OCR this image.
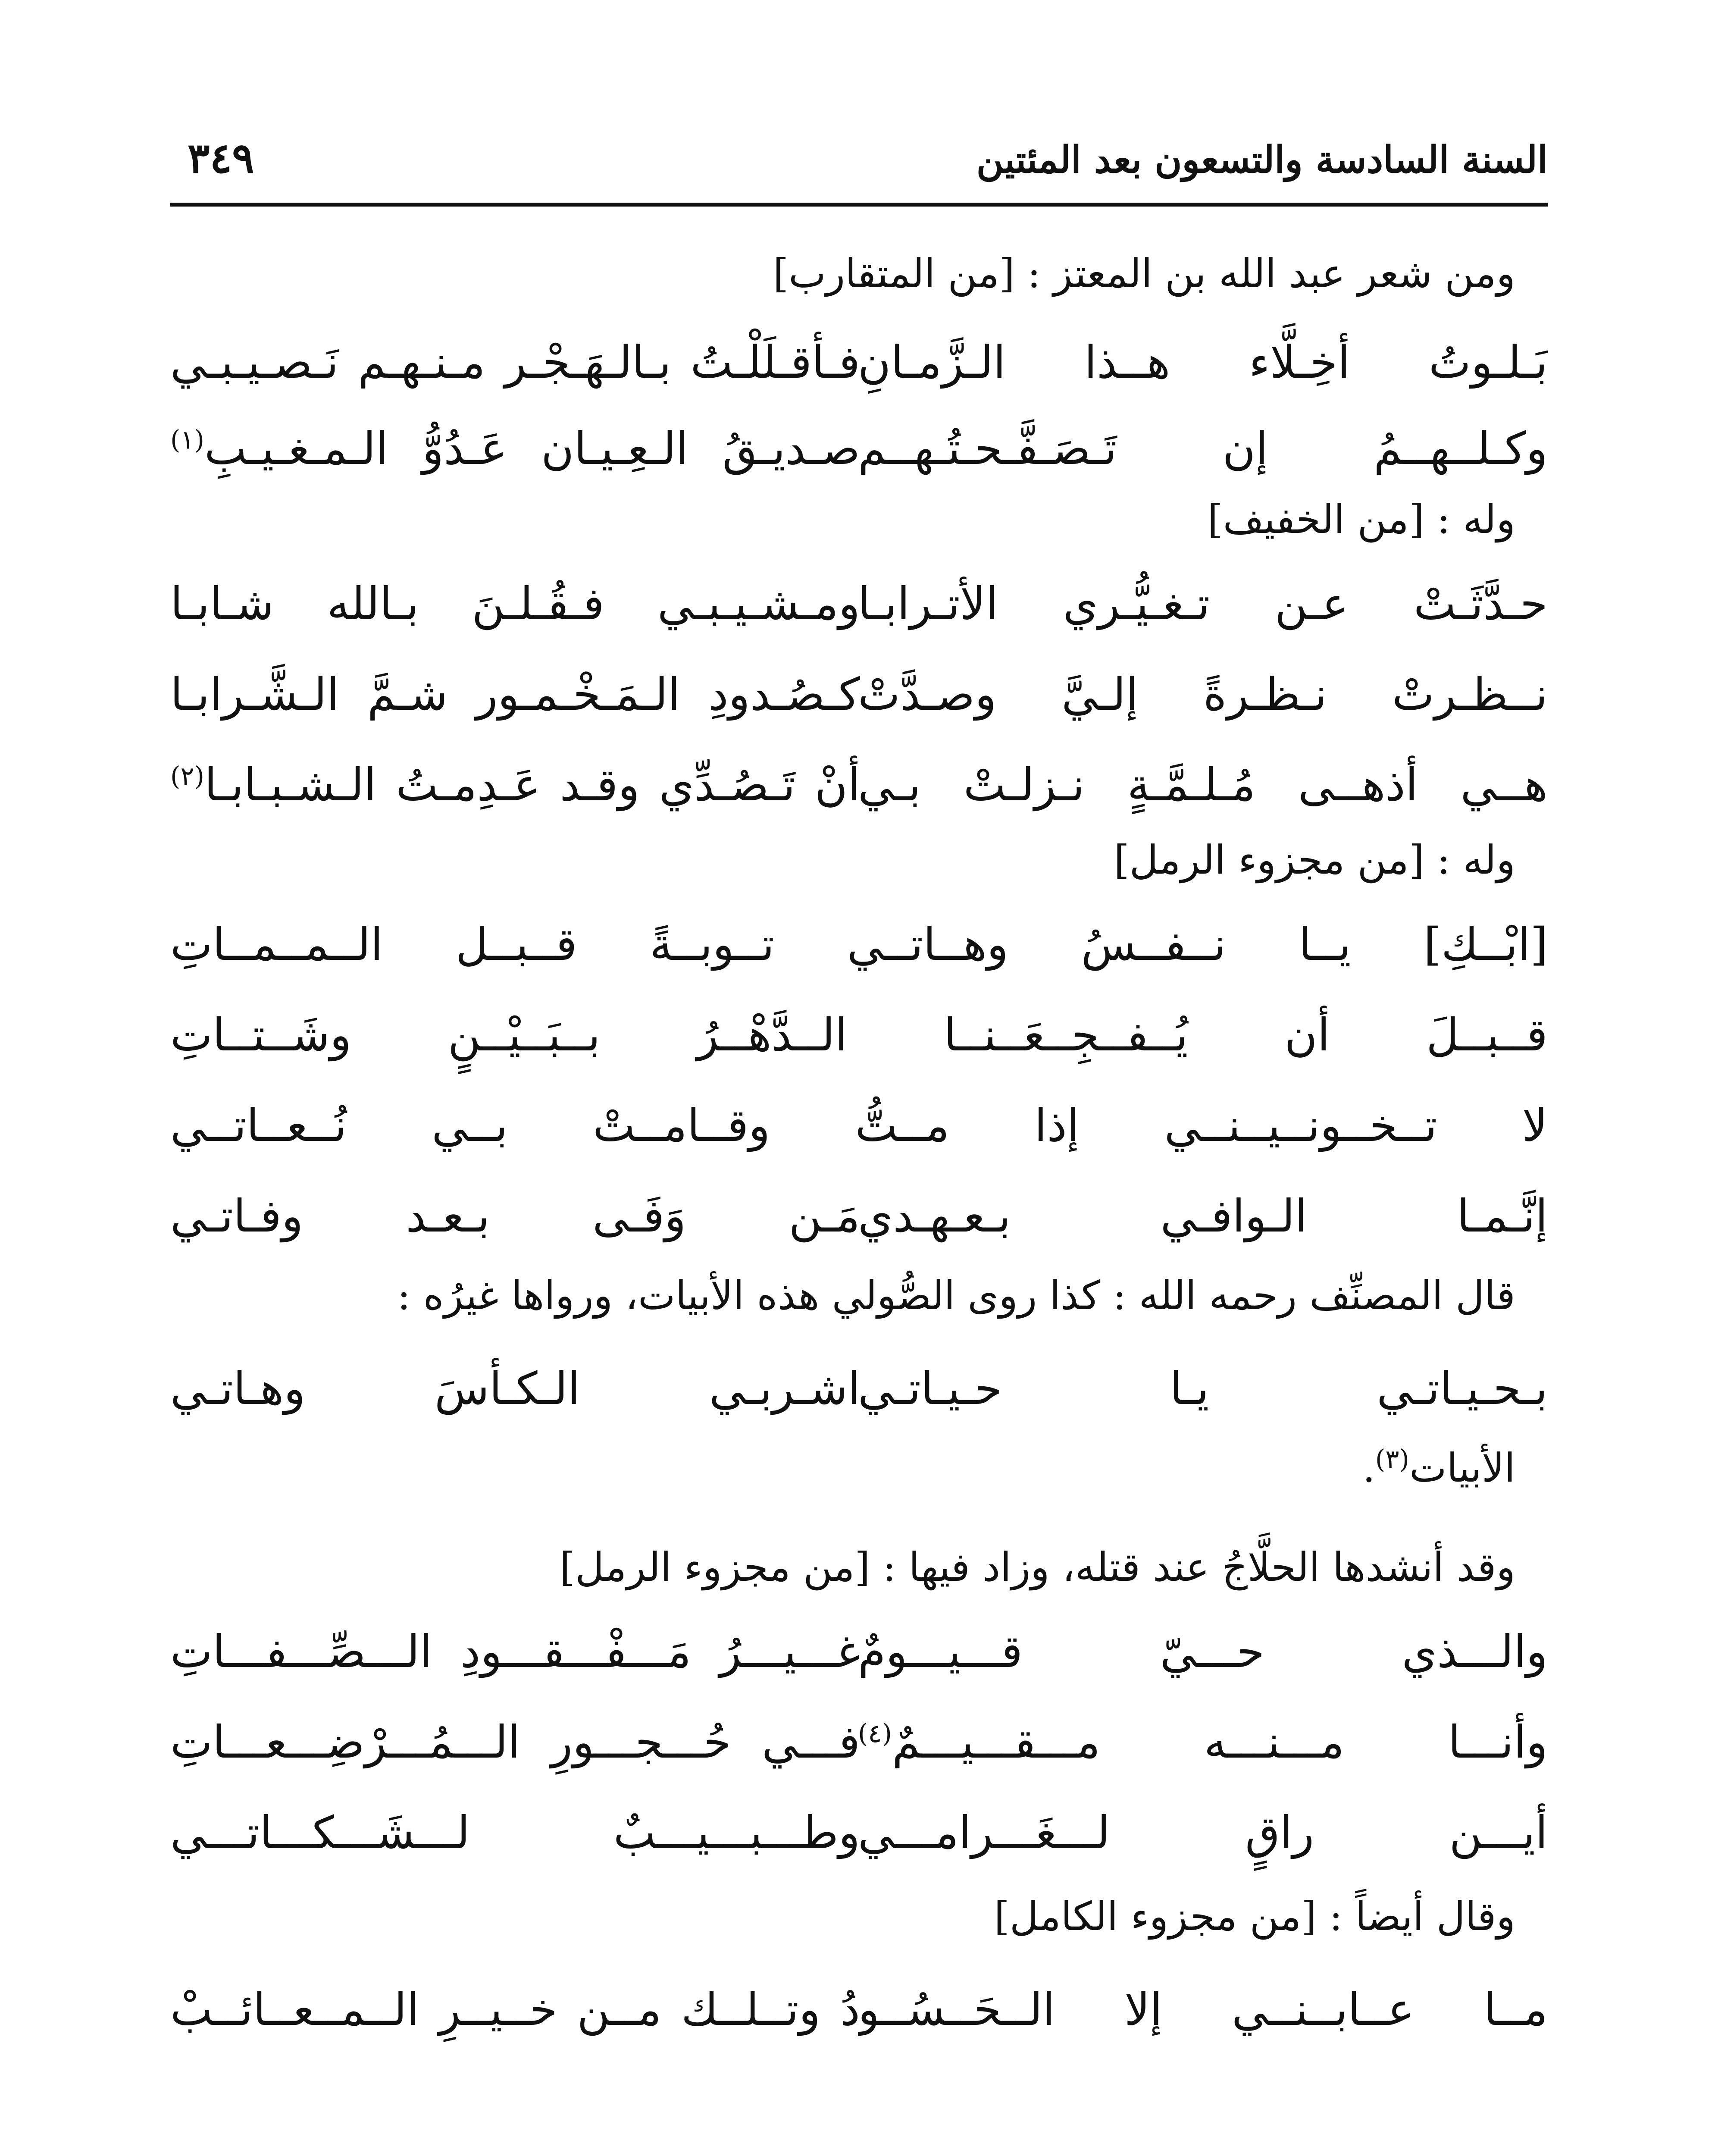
السنة السادسة والتسعون بعد المئتين
٣٤٩
ومن شعر عبد الله بن المعتز : [من المتقارب]
بَـلـوتُ أخِـلَّاء هــذا الـزَّمـانِ
فـأقـلَلْـتُ بـالـهَـجْـر مـنـهـم نَـصـيـبـي
وكـلــهــمُ إن تَـصَـفَّـحـتُـهــم
صـديـقُ الـعِـيـان عَـدُوُّ الـمـغـيـبِ$^{(١)}$
وله : [من الخفيف]
حـدَّثَـتْ عـن تـغـيُّـري الأتـرابـا
ومـشـيـبـي فـقُـلـنَ بـالله شـابـا
نــظـرتْ نـظـرةً إلـيَّ وصـدَّتْ
كـصُـدودِ الـمَـخْـمـور شـمَّ الـشَّـرابـا
هــي أذهــى مُـلـمَّـةٍ نـزلـتْ بـي
أنْ تَـصُـدِّي وقـد عَـدِمـتُ الـشـبـابـا$^{(٢)}$
وله : [من مجزوء الرمل]
[ابْــكِ] يــا نــفــسُ وهــاتــي تــوبــةً قــبــل الــمــمــاتِ
قــبــلَ أن يُــفــجِــعَــنــا الــدَّهْــرُ بــبَــيْــنٍ وشَــتــاتِ
لا تــخــونــيــنــي إذا مــتُّ وقــامــتْ بــي نُــعــاتــي
إنَّـمـا الـوافـي بـعـهـدي
مَـن وَفَـى بـعـد وفـاتـي
قال المصنِّف رحمه الله : كذا روى الصُّولي هذه الأبيات، ورواها غيرُه :
بـحـيـاتـي يـا حـيـاتـي
اشـربـي الـكـأسَ وهـاتـي
الأبيات$^{(٣)}$.
وقد أنشدها الحلَّاجُ عند قتله، وزاد فيها : [من مجزوء الرمل]
والـــذي حـــيّ قـــيـــومٌ
غـــيـــرُ مَـــفْـــقـــودِ الـــصِّـــفـــاتِ
وأنـــا مـــنـــه مـــقـــيـــمٌ$^{(٤)}$
فـــي حُـــجـــورِ الـــمُـــرْضِـــعـــاتِ
أيـــن راقٍ لـــغَـــرامـــي
وطـــبـــيـــبٌ لـــشَـــكـــاتـــي
وقال أيضاً : [من مجزوء الكامل]
مــا عــابــنــي إلا الــحَــسُــو
دُ وتــلــك مــن خــيــرِ الــمــعــائــبْ
